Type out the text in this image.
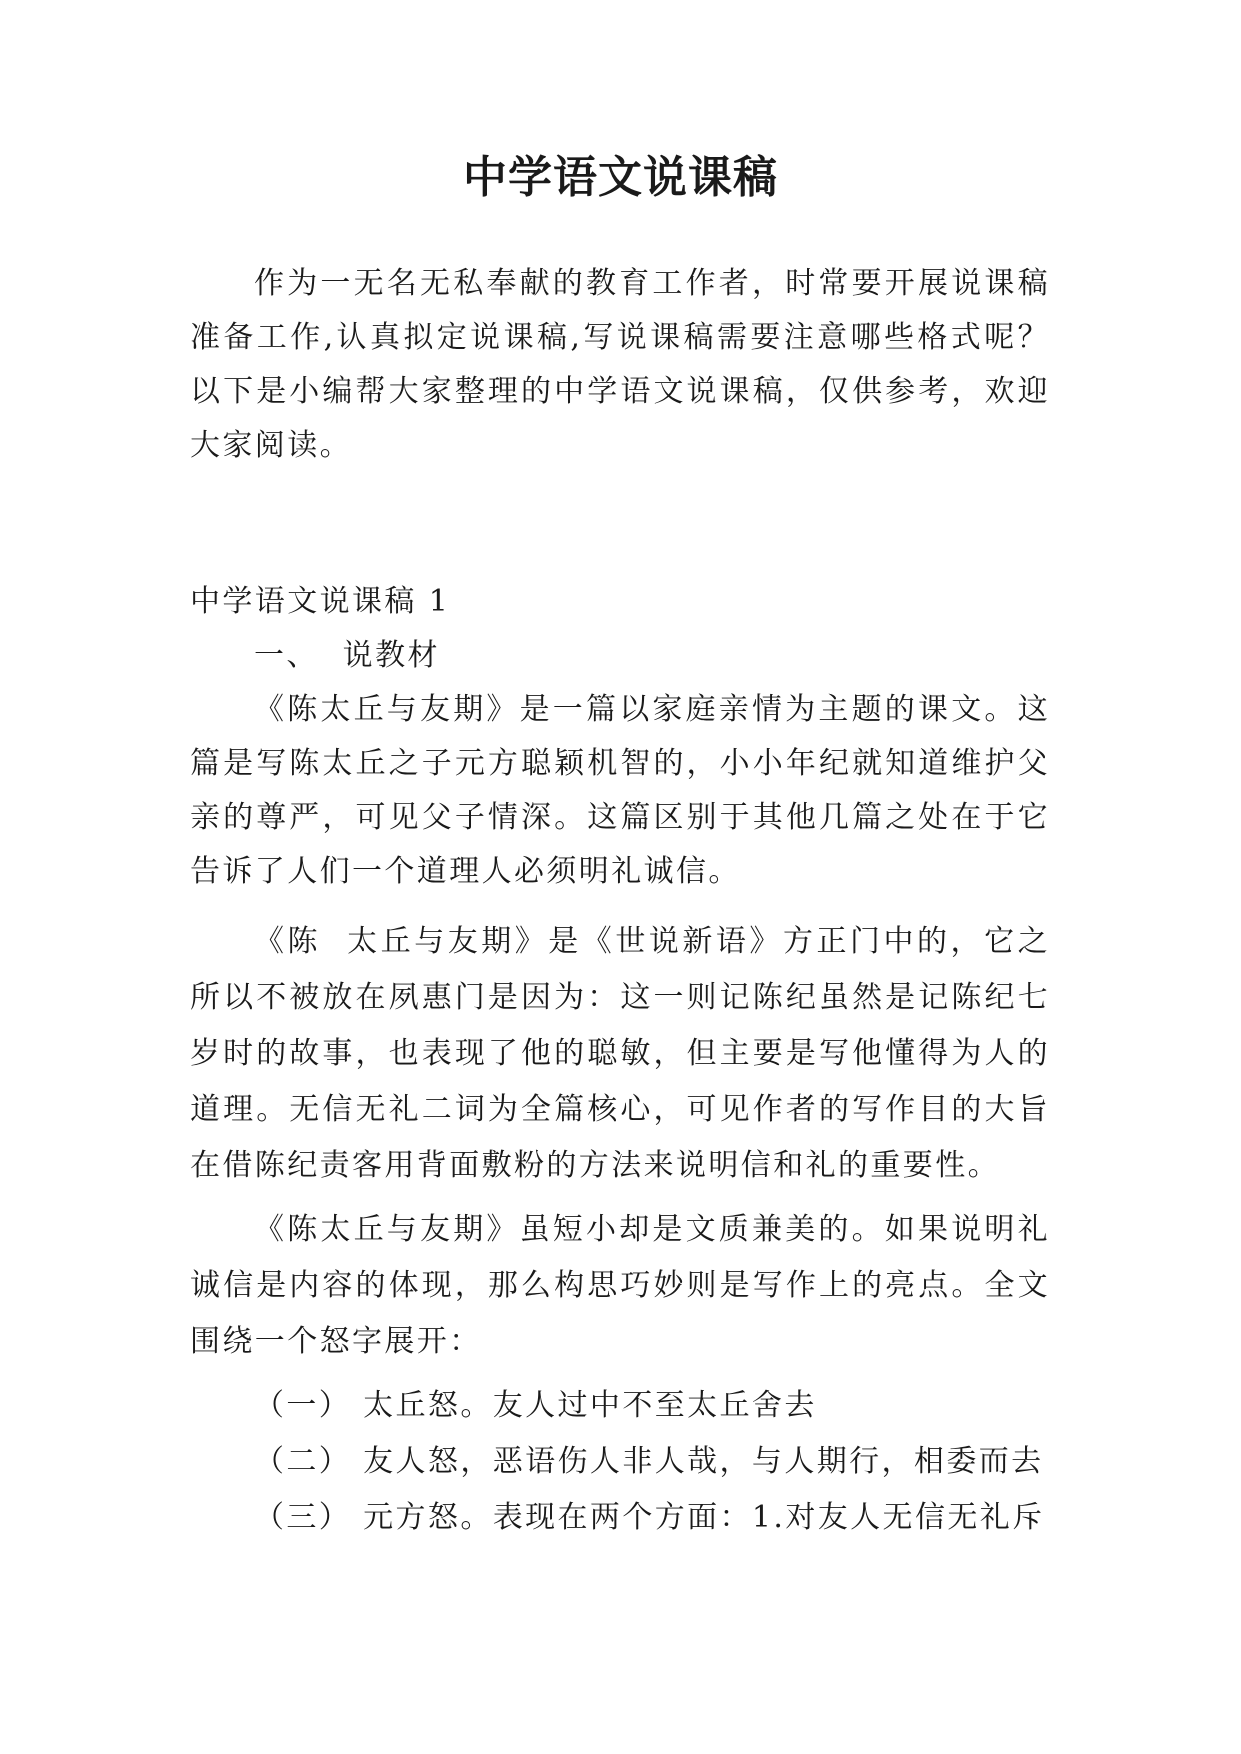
中学语文说课稿

作为一无名无私奉献的教育工作者，时常要开展说课稿

准备工作,认真拟定说课稿,写说课稿需要注意哪些格式呢？

以下是小编帮大家整理的中学语文说课稿，仅供参考，欢迎

大家阅读。

中学语文说课稿 1

一、  说教材

《陈太丘与友期》是一篇以家庭亲情为主题的课文。这

篇是写陈太丘之子元方聪颖机智的，小小年纪就知道维护父

亲的尊严，可见父子情深。这篇区别于其他几篇之处在于它

告诉了人们一个道理人必须明礼诚信。

《陈  太丘与友期》是《世说新语》方正门中的，它之

所以不被放在夙惠门是因为：这一则记陈纪虽然是记陈纪七

岁时的故事，也表现了他的聪敏，但主要是写他懂得为人的

道理。无信无礼二词为全篇核心，可见作者的写作目的大旨

在借陈纪责客用背面敷粉的方法来说明信和礼的重要性。

《陈太丘与友期》虽短小却是文质兼美的。如果说明礼

诚信是内容的体现，那么构思巧妙则是写作上的亮点。全文

围绕一个怒字展开：

（一） 太丘怒。友人过中不至太丘舍去

（二） 友人怒，恶语伤人非人哉，与人期行，相委而去

（三） 元方怒。表现在两个方面：1.对友人无信无礼斥
